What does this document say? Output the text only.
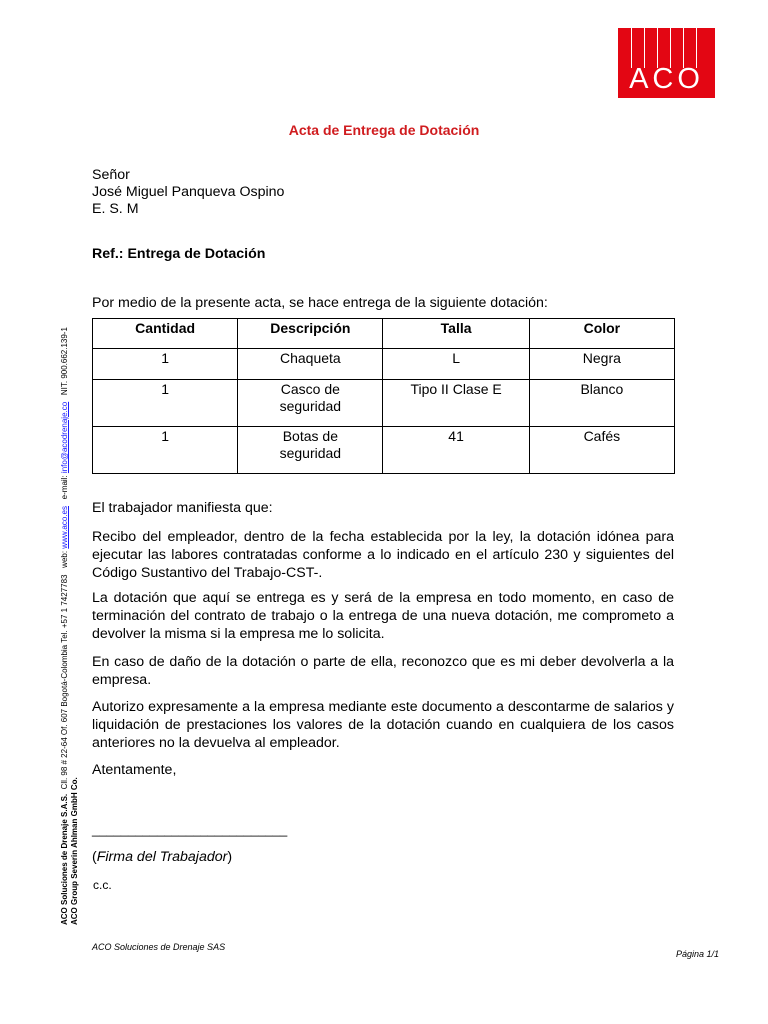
ACO
Acta de Entrega de Dotación
Señor
José Miguel Panqueva Ospino
E. S. M
Ref.: Entrega de Dotación
Por medio de la presente acta, se hace entrega de la siguiente dotación:
Cantidad	Descripción	Talla	Color
1	Chaqueta	L	Negra
1	Casco de seguridad	Tipo II Clase E	Blanco
1	Botas de seguridad	41	Cafés
El trabajador manifiesta que:
Recibo del empleador, dentro de la fecha establecida por la ley, la dotación idónea para ejecutar las labores contratadas conforme a lo indicado en el artículo 230 y siguientes del Código Sustantivo del Trabajo-CST-.
La dotación que aquí se entrega es y será de la empresa en todo momento, en caso de terminación del contrato de trabajo o la entrega de una nueva dotación, me comprometo a devolver la misma si la empresa me lo solicita.
En caso de daño de la dotación o parte de ella, reconozco que es mi deber devolverla a la empresa.
Autorizo expresamente a la empresa mediante este documento a descontarme de salarios y liquidación de prestaciones los valores de la dotación cuando en cualquiera de los casos anteriores no la devuelva al empleador.
Atentamente,
___________________________
(Firma del Trabajador)
c.c.
ACO Soluciones de Drenaje S.A.S.  Cll. 98 # 22-64 Of. 607 Bogotá-Colombia Tel. +57 1 7427783   web: www.aco.es   e-mail: info@acodrenaje.co   NIT. 900.662.139-1
ACO Group Severin Ahlman GmbH Co.
ACO Soluciones de Drenaje SAS
Página 1/1
